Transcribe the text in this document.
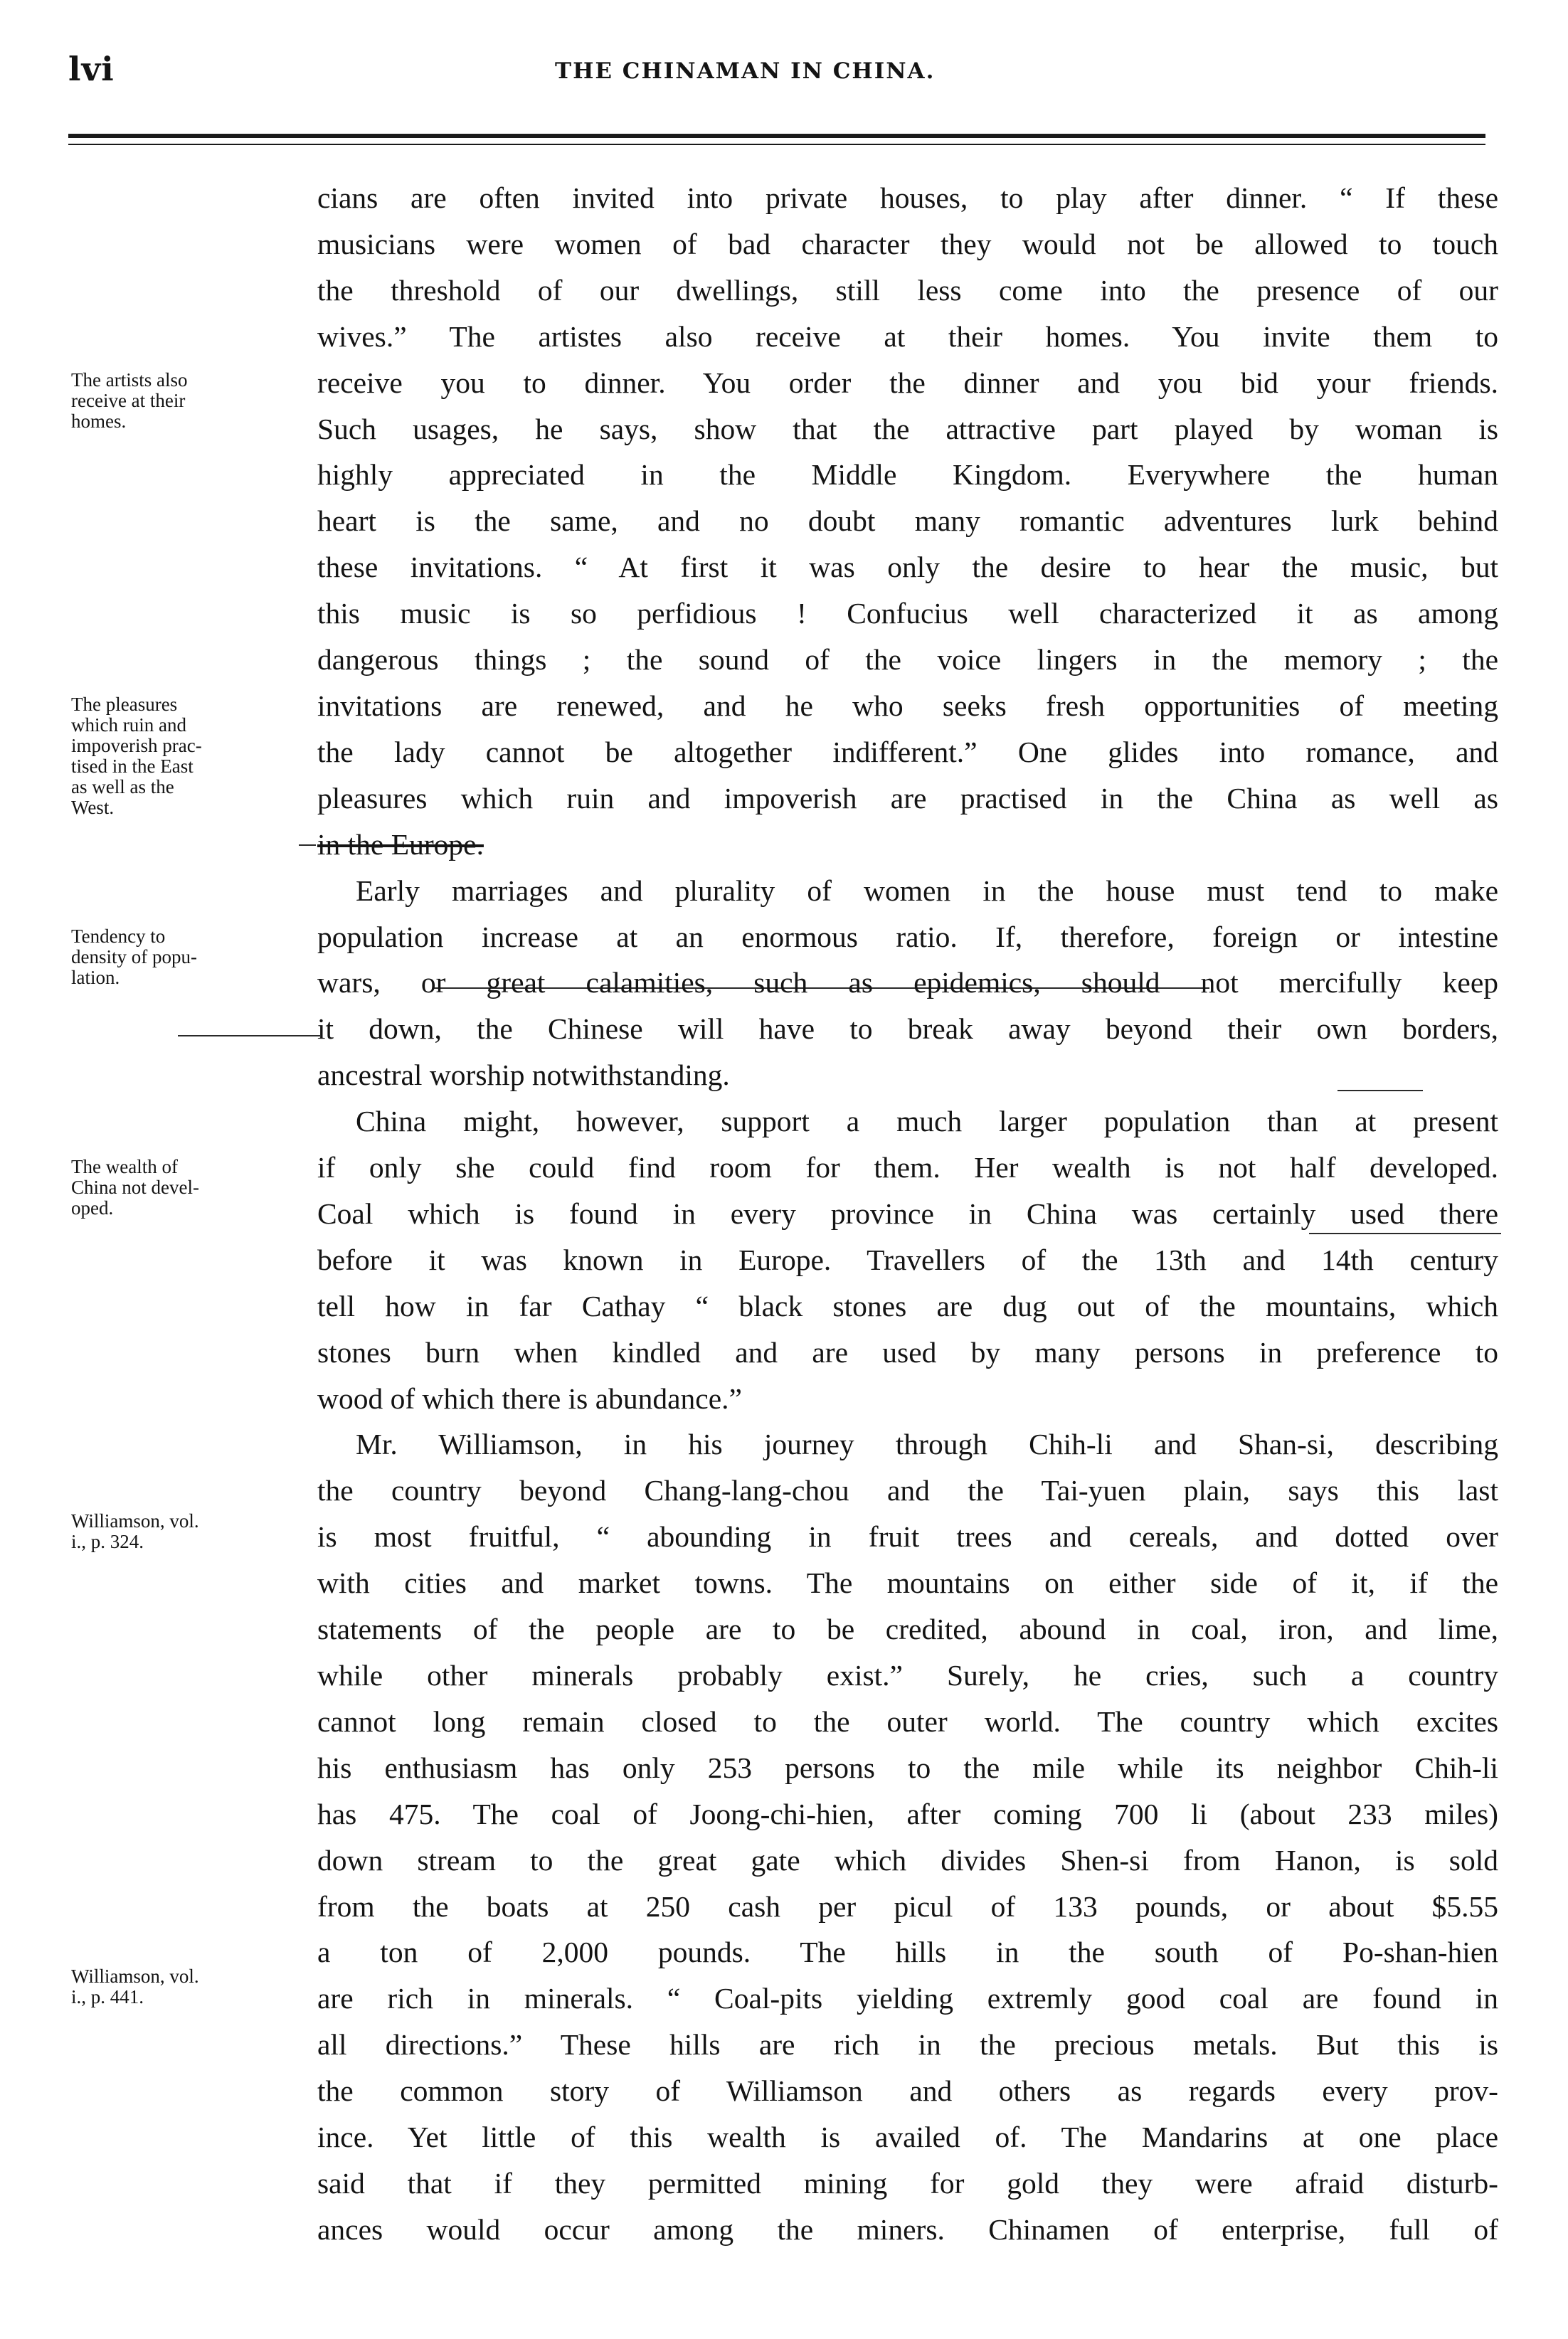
lvi	THE CHINAMAN IN CHINA.
The artists also
receive at their
homes.
The pleasures
which ruin and
impoverish prac-
tised in the East
as well as the
West.
Tendency to
density of popu-
lation.
The wealth of
China not devel-
oped.
Williamson, vol.
i., p. 324.
Williamson, vol.
i., p. 441.
cians are often invited into private houses, to play after dinner. “ If these
musicians were women of bad character they would not be allowed to touch
the threshold of our dwellings, still less come into the presence of our
wives.” The artistes also receive at their homes. You invite them to
receive you to dinner. You order the dinner and you bid your friends.
Such usages, he says, show that the attractive part played by woman is
highly appreciated in the Middle Kingdom. Everywhere the human
heart is the same, and no doubt many romantic adventures lurk behind
these invitations. “ At first it was only the desire to hear the music, but
this music is so perfidious ! Confucius well characterized it as among
dangerous things ; the sound of the voice lingers in the memory ; the
invitations are renewed, and he who seeks fresh opportunities of meeting
the lady cannot be altogether indifferent.” One glides into romance, and
pleasures which ruin and impoverish are practised in the China as well as
in the Europe.
Early marriages and plurality of women in the house must tend to make
population increase at an enormous ratio. If, therefore, foreign or intestine
wars, or great calamities, such as epidemics, should not mercifully keep
it down, the Chinese will have to break away beyond their own borders,
ancestral worship notwithstanding.
China might, however, support a much larger population than at present
if only she could find room for them. Her wealth is not half developed.
Coal which is found in every province in China was certainly used there
before it was known in Europe. Travellers of the 13th and 14th century
tell how in far Cathay “ black stones are dug out of the mountains, which
stones burn when kindled and are used by many persons in preference to
wood of which there is abundance.”
Mr. Williamson, in his journey through Chih-li and Shan-si, describing
the country beyond Chang-lang-chou and the Tai-yuen plain, says this last
is most fruitful, “ abounding in fruit trees and cereals, and dotted over
with cities and market towns. The mountains on either side of it, if the
statements of the people are to be credited, abound in coal, iron, and lime,
while other minerals probably exist.” Surely, he cries, such a country
cannot long remain closed to the outer world. The country which excites
his enthusiasm has only 253 persons to the mile while its neighbor Chih-li
has 475. The coal of Joong-chi-hien, after coming 700 li (about 233 miles)
down stream to the great gate which divides Shen-si from Hanon, is sold
from the boats at 250 cash per picul of 133 pounds, or about $5.55
a ton of 2,000 pounds. The hills in the south of Po-shan-hien
are rich in minerals. “ Coal-pits yielding extremly good coal are found in
all directions.” These hills are rich in the precious metals. But this is
the common story of Williamson and others as regards every prov-
ince. Yet little of this wealth is availed of. The Mandarins at one place
said that if they permitted mining for gold they were afraid disturb-
ances would occur among the miners. Chinamen of enterprise, full of
